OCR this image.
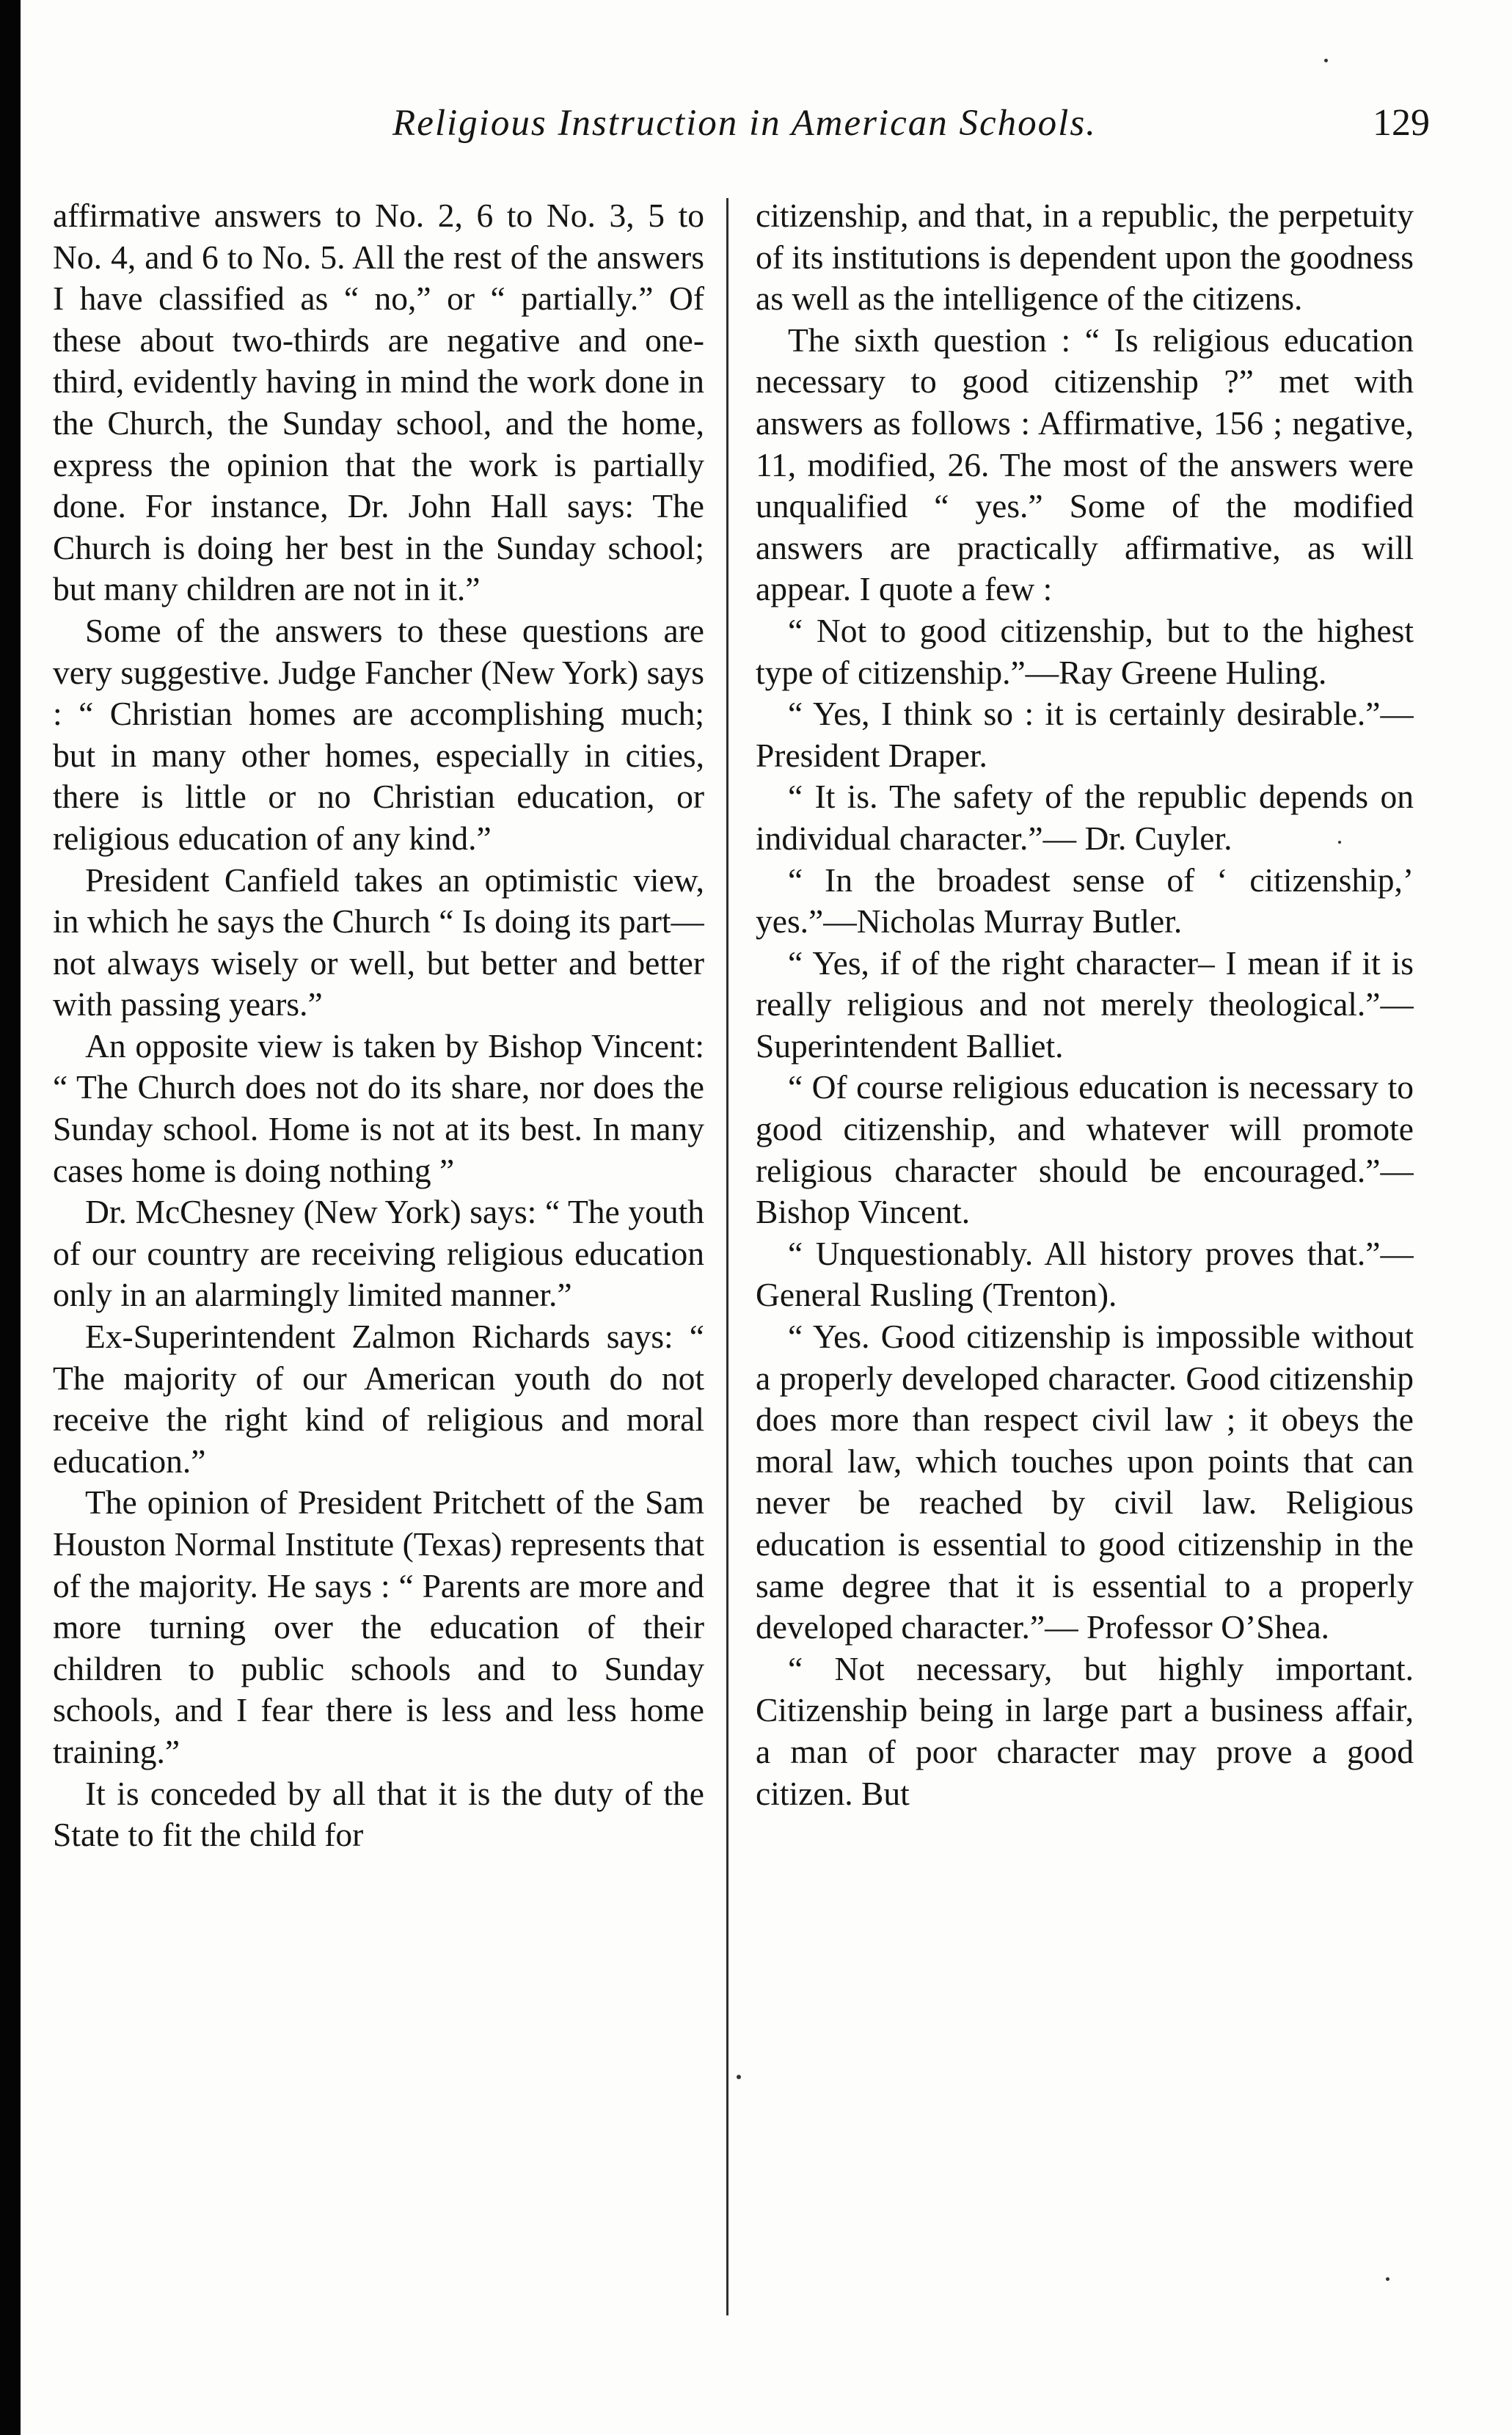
Religious Instruction in American Schools.	129

affirmative answers to No. 2, 6 to No. 3, 5 to No. 4, and 6 to No. 5. All the rest of the answers I have classified as “ no,” or “ partially.” Of these about two-thirds are negative and one-third, evidently having in mind the work done in the Church, the Sunday school, and the home, express the opinion that the work is partially done. For instance, Dr. John Hall says: The Church is doing her best in the Sunday school; but many children are not in it.”

Some of the answers to these questions are very suggestive. Judge Fancher (New York) says : “ Christian homes are accomplishing much; but in many other homes, especially in cities, there is little or no Christian education, or religious education of any kind.”

President Canfield takes an optimistic view, in which he says the Church “ Is doing its part—not always wisely or well, but better and better with passing years.”

An opposite view is taken by Bishop Vincent: “ The Church does not do its share, nor does the Sunday school. Home is not at its best. In many cases home is doing nothing ”

Dr. McChesney (New York) says: “ The youth of our country are receiving religious education only in an alarmingly limited manner.”

Ex-Superintendent Zalmon Richards says: “ The majority of our American youth do not receive the right kind of religious and moral education.”

The opinion of President Pritchett of the Sam Houston Normal Institute (Texas) represents that of the majority. He says : “ Parents are more and more turning over the education of their children to public schools and to Sunday schools, and I fear there is less and less home training.”

It is conceded by all that it is the duty of the State to fit the child for

citizenship, and that, in a republic, the perpetuity of its institutions is dependent upon the goodness as well as the intelligence of the citizens.

The sixth question : “ Is religious education necessary to good citizenship ?” met with answers as follows : Affirmative, 156 ; negative, 11, modified, 26. The most of the answers were unqualified “ yes.” Some of the modified answers are practically affirmative, as will appear. I quote a few :

“ Not to good citizenship, but to the highest type of citizenship.”—Ray Greene Huling.

“ Yes, I think so : it is certainly desirable.”—President Draper.

“ It is. The safety of the republic depends on individual character.”— Dr. Cuyler.

“ In the broadest sense of ‘ citizenship,’ yes.”—Nicholas Murray Butler.

“ Yes, if of the right character– I mean if it is really religious and not merely theological.”—Superintendent Balliet.

“ Of course religious education is necessary to good citizenship, and whatever will promote religious character should be encouraged.”—Bishop Vincent.

“ Unquestionably. All history proves that.”—General Rusling (Trenton).

“ Yes. Good citizenship is impossible without a properly developed character. Good citizenship does more than respect civil law ; it obeys the moral law, which touches upon points that can never be reached by civil law. Religious education is essential to good citizenship in the same degree that it is essential to a properly developed character.”— Professor O’Shea.

“ Not necessary, but highly important. Citizenship being in large part a business affair, a man of poor character may prove a good citizen. But
